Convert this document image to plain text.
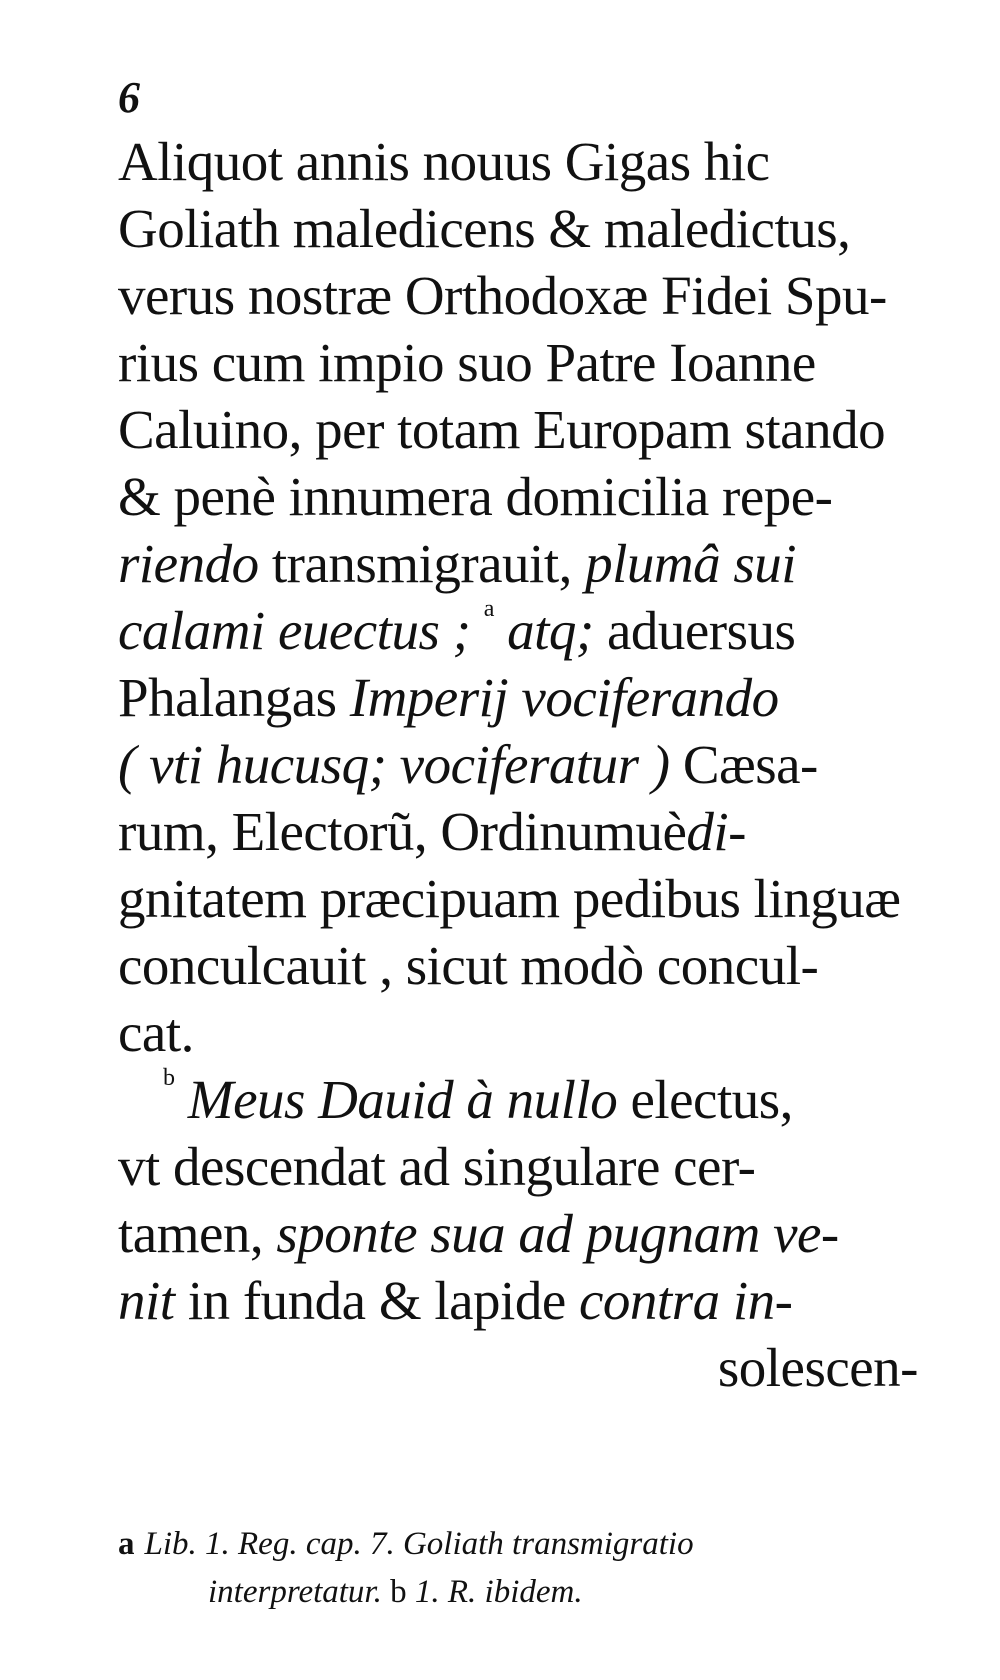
6
Aliquot annis nouus Gigas hic
Goliath maledicens & maledictus,
verus nostræ Orthodoxæ Fidei Spu-
rius cum impio suo Patre Ioanne
Caluino, per totam Europam stando
& penè innumera domicilia repe-
riendo transmigrauit, plumâ sui
calami euectus ; $^a$ atq; aduersus
Phalangas Imperij vociferando
( vti hucusq; vociferatur ) Cæsa-
rum, Electorũ, Ordinumuèdi-
gnitatem præcipuam pedibus linguæ
conculcauit , sicut modò concul-
cat.
$^b$ Meus Dauid à nullo electus,
vt descendat ad singulare cer-
tamen, sponte sua ad pugnam ve-
nit in funda & lapide contra in-
solescen-
a Lib. 1. Reg. cap. 7. Goliath transmigratio
interpretatur. b 1. R. ibidem.
